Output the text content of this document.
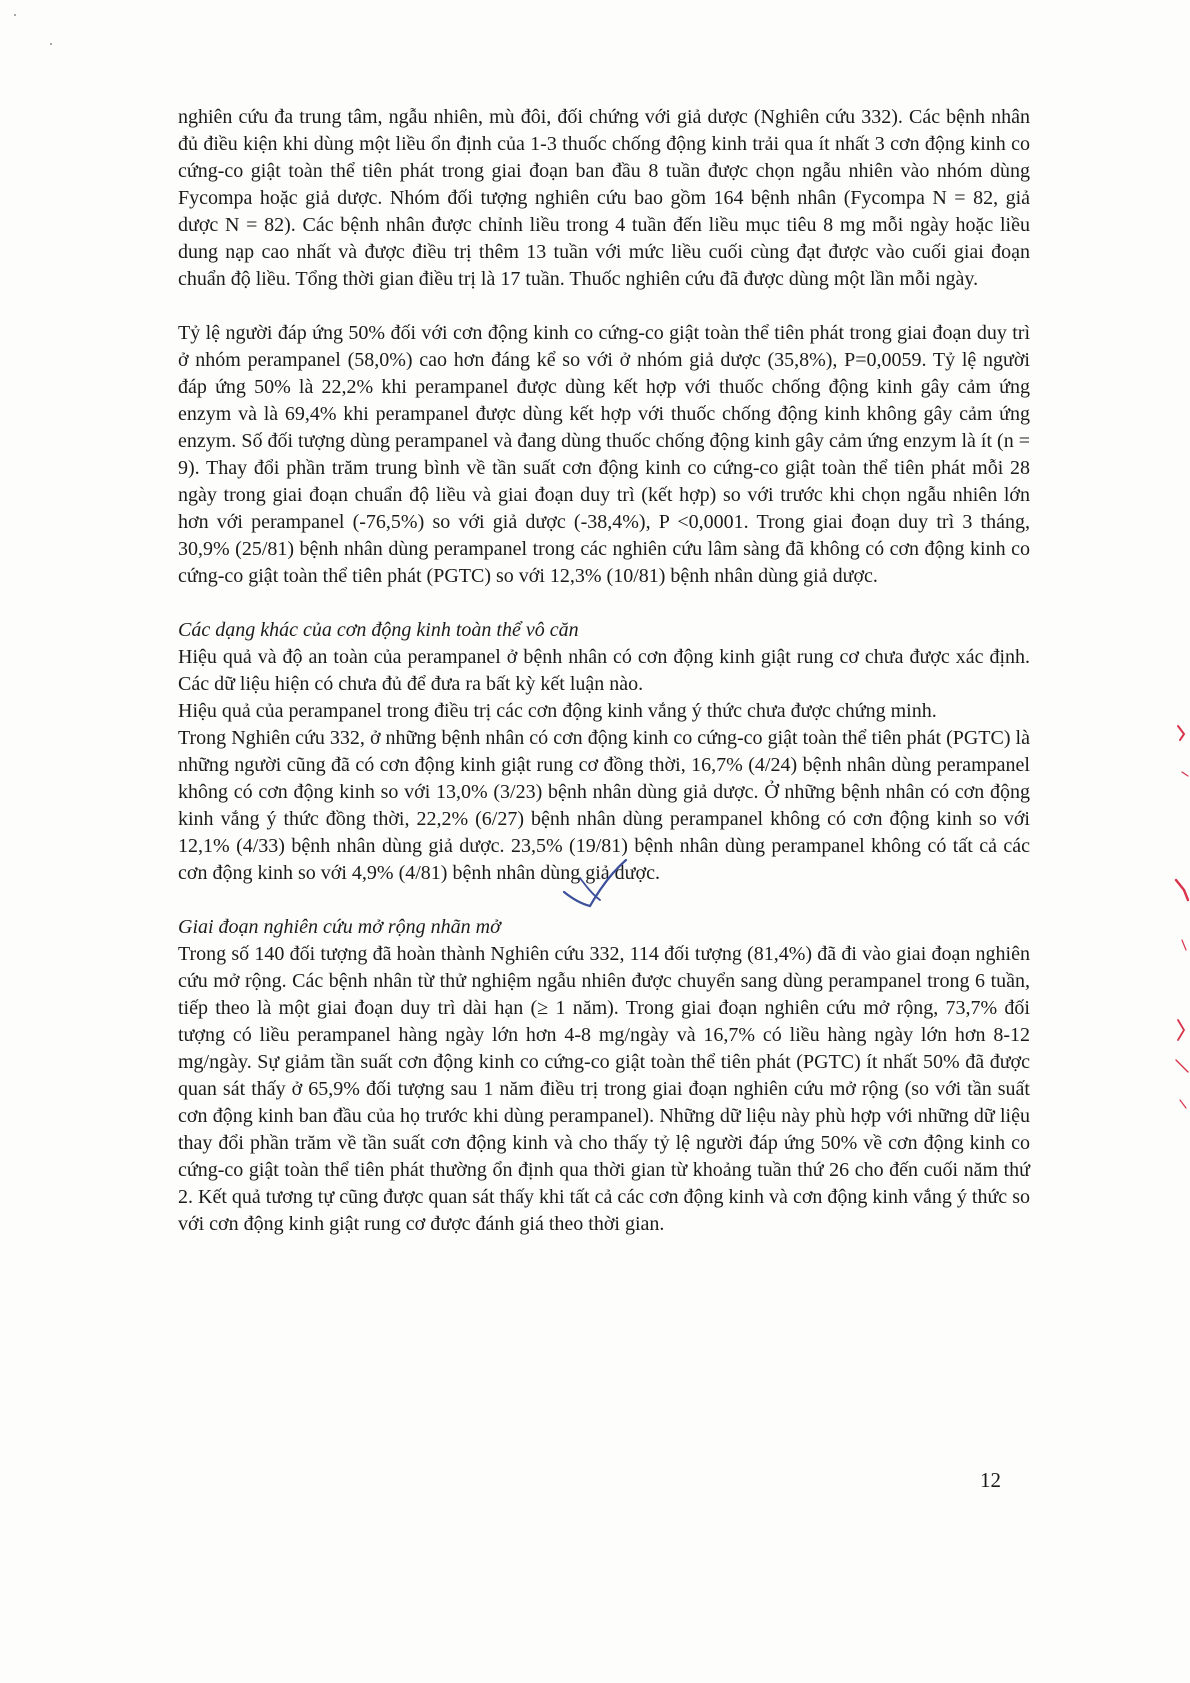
nghiên cứu đa trung tâm, ngẫu nhiên, mù đôi, đối chứng với giả dược (Nghiên cứu 332). Các bệnh nhân đủ điều kiện khi dùng một liều ổn định của 1-3 thuốc chống động kinh trải qua ít nhất 3 cơn động kinh co cứng-co giật toàn thể tiên phát trong giai đoạn ban đầu 8 tuần được chọn ngẫu nhiên vào nhóm dùng Fycompa hoặc giả dược. Nhóm đối tượng nghiên cứu bao gồm 164 bệnh nhân (Fycompa N = 82, giả dược N = 82). Các bệnh nhân được chỉnh liều trong 4 tuần đến liều mục tiêu 8 mg mỗi ngày hoặc liều dung nạp cao nhất và được điều trị thêm 13 tuần với mức liều cuối cùng đạt được vào cuối giai đoạn chuẩn độ liều. Tổng thời gian điều trị là 17 tuần. Thuốc nghiên cứu đã được dùng một lần mỗi ngày.

Tỷ lệ người đáp ứng 50% đối với cơn động kinh co cứng-co giật toàn thể tiên phát trong giai đoạn duy trì ở nhóm perampanel (58,0%) cao hơn đáng kể so với ở nhóm giả dược (35,8%), P=0,0059. Tỷ lệ người đáp ứng 50% là 22,2% khi perampanel được dùng kết hợp với thuốc chống động kinh gây cảm ứng enzym và là 69,4% khi perampanel được dùng kết hợp với thuốc chống động kinh không gây cảm ứng enzym. Số đối tượng dùng perampanel và đang dùng thuốc chống động kinh gây cảm ứng enzym là ít (n = 9). Thay đổi phần trăm trung bình về tần suất cơn động kinh co cứng-co giật toàn thể tiên phát mỗi 28 ngày trong giai đoạn chuẩn độ liều và giai đoạn duy trì (kết hợp) so với trước khi chọn ngẫu nhiên lớn hơn với perampanel (-76,5%) so với giả dược (-38,4%), P <0,0001. Trong giai đoạn duy trì 3 tháng, 30,9% (25/81) bệnh nhân dùng perampanel trong các nghiên cứu lâm sàng đã không có cơn động kinh co cứng-co giật toàn thể tiên phát (PGTC) so với 12,3% (10/81) bệnh nhân dùng giả dược.

Các dạng khác của cơn động kinh toàn thể vô căn

Hiệu quả và độ an toàn của perampanel ở bệnh nhân có cơn động kinh giật rung cơ chưa được xác định. Các dữ liệu hiện có chưa đủ để đưa ra bất kỳ kết luận nào.

Hiệu quả của perampanel trong điều trị các cơn động kinh vắng ý thức chưa được chứng minh.

Trong Nghiên cứu 332, ở những bệnh nhân có cơn động kinh co cứng-co giật toàn thể tiên phát (PGTC) là những người cũng đã có cơn động kinh giật rung cơ đồng thời, 16,7% (4/24) bệnh nhân dùng perampanel không có cơn động kinh so với 13,0% (3/23) bệnh nhân dùng giả dược. Ở những bệnh nhân có cơn động kinh vắng ý thức đồng thời, 22,2% (6/27) bệnh nhân dùng perampanel không có cơn động kinh so với 12,1% (4/33) bệnh nhân dùng giả dược. 23,5% (19/81) bệnh nhân dùng perampanel không có tất cả các cơn động kinh so với 4,9% (4/81) bệnh nhân dùng giả dược.

Giai đoạn nghiên cứu mở rộng nhãn mở

Trong số 140 đối tượng đã hoàn thành Nghiên cứu 332, 114 đối tượng (81,4%) đã đi vào giai đoạn nghiên cứu mở rộng. Các bệnh nhân từ thử nghiệm ngẫu nhiên được chuyển sang dùng perampanel trong 6 tuần, tiếp theo là một giai đoạn duy trì dài hạn (≥ 1 năm). Trong giai đoạn nghiên cứu mở rộng, 73,7% đối tượng có liều perampanel hàng ngày lớn hơn 4-8 mg/ngày và 16,7% có liều hàng ngày lớn hơn 8-12 mg/ngày. Sự giảm tần suất cơn động kinh co cứng-co giật toàn thể tiên phát (PGTC) ít nhất 50% đã được quan sát thấy ở 65,9% đối tượng sau 1 năm điều trị trong giai đoạn nghiên cứu mở rộng (so với tần suất cơn động kinh ban đầu của họ trước khi dùng perampanel). Những dữ liệu này phù hợp với những dữ liệu thay đổi phần trăm về tần suất cơn động kinh và cho thấy tỷ lệ người đáp ứng 50% về cơn động kinh co cứng-co giật toàn thể tiên phát thường ổn định qua thời gian từ khoảng tuần thứ 26 cho đến cuối năm thứ 2. Kết quả tương tự cũng được quan sát thấy khi tất cả các cơn động kinh và cơn động kinh vắng ý thức so với cơn động kinh giật rung cơ được đánh giá theo thời gian.

12
